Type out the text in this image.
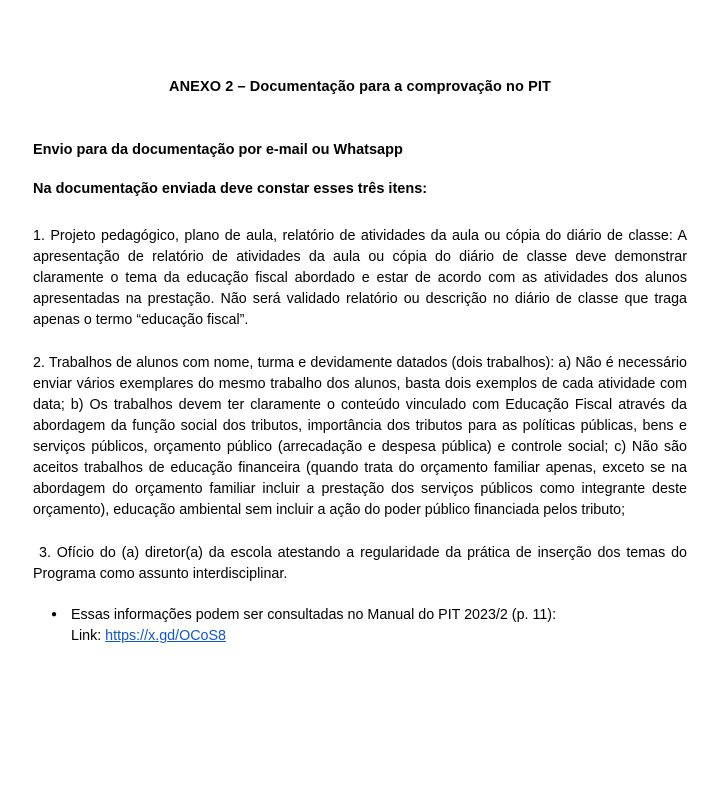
ANEXO 2 – Documentação para a comprovação no PIT

Envio para da documentação por e-mail ou Whatsapp

Na documentação enviada deve constar esses três itens:

1. Projeto pedagógico, plano de aula, relatório de atividades da aula ou cópia do diário de classe: A apresentação de relatório de atividades da aula ou cópia do diário de classe deve demonstrar claramente o tema da educação fiscal abordado e estar de acordo com as atividades dos alunos apresentadas na prestação. Não será validado relatório ou descrição no diário de classe que traga apenas o termo “educação fiscal”.

2. Trabalhos de alunos com nome, turma e devidamente datados (dois trabalhos): a) Não é necessário enviar vários exemplares do mesmo trabalho dos alunos, basta dois exemplos de cada atividade com data; b) Os trabalhos devem ter claramente o conteúdo vinculado com Educação Fiscal através da abordagem da função social dos tributos, importância dos tributos para as políticas públicas, bens e serviços públicos, orçamento público (arrecadação e despesa pública) e controle social; c) Não são aceitos trabalhos de educação financeira (quando trata do orçamento familiar apenas, exceto se na abordagem do orçamento familiar incluir a prestação dos serviços públicos como integrante deste orçamento), educação ambiental sem incluir a ação do poder público financiada pelos tributo;

3. Ofício do (a) diretor(a) da escola atestando a regularidade da prática de inserção dos temas do Programa como assunto interdisciplinar.

● Essas informações podem ser consultadas no Manual do PIT 2023/2 (p. 11):
Link: https://x.gd/OCoS8
